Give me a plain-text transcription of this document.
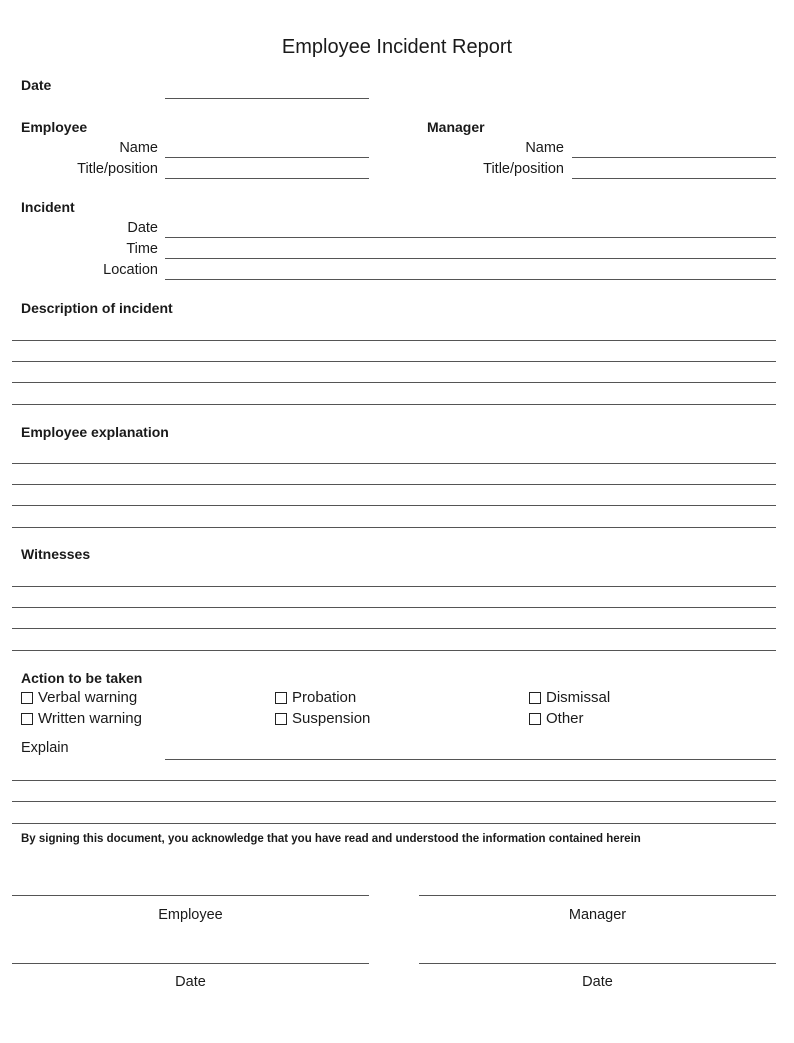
Employee Incident Report
Date
Employee
Name
Title/position
Manager
Name
Title/position
Incident
Date
Time
Location
Description of incident
Employee explanation
Witnesses
Action to be taken
Verbal warning
Written warning
Probation
Suspension
Dismissal
Other
Explain
By signing this document, you acknowledge that you have read and understood the information contained herein
Employee	Manager
Date	Date
